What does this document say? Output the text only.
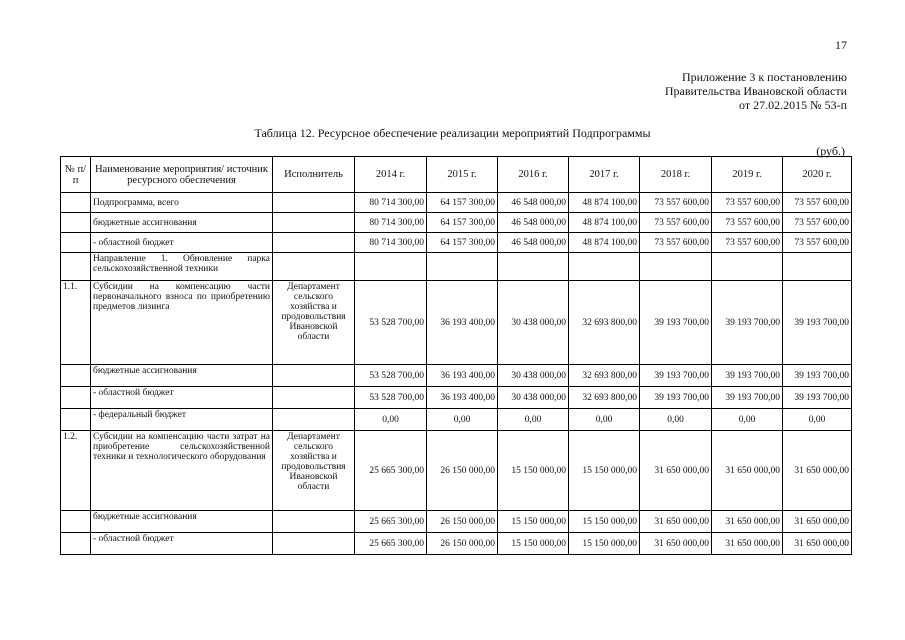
17
Приложение 3 к постановлению
Правительства Ивановской области
от 27.02.2015 № 53-п
Таблица 12. Ресурсное обеспечение реализации мероприятий Подпрограммы
(руб.)
№ п/п	Наименование мероприятия/ источник ресурсного обеспечения	Исполнитель	2014 г.	2015 г.	2016 г.	2017 г.	2018 г.	2019 г.	2020 г.
	Подпрограмма, всего		80 714 300,00	64 157 300,00	46 548 000,00	48 874 100,00	73 557 600,00	73 557 600,00	73 557 600,00
	бюджетные ассигнования		80 714 300,00	64 157 300,00	46 548 000,00	48 874 100,00	73 557 600,00	73 557 600,00	73 557 600,00
	- областной бюджет		80 714 300,00	64 157 300,00	46 548 000,00	48 874 100,00	73 557 600,00	73 557 600,00	73 557 600,00
	Направление 1. Обновление парка сельскохозяйственной техники								
1.1.	Субсидии на компенсацию части первоначального взноса по приобретению предметов лизинга	Департамент сельского хозяйства и продовольствия Ивановской области	53 528 700,00	36 193 400,00	30 438 000,00	32 693 800,00	39 193 700,00	39 193 700,00	39 193 700,00
	бюджетные ассигнования		53 528 700,00	36 193 400,00	30 438 000,00	32 693 800,00	39 193 700,00	39 193 700,00	39 193 700,00
	- областной бюджет		53 528 700,00	36 193 400,00	30 438 000,00	32 693 800,00	39 193 700,00	39 193 700,00	39 193 700,00
	- федеральный бюджет		0,00	0,00	0,00	0,00	0,00	0,00	0,00
1.2.	Субсидии на компенсацию части затрат на приобретение сельскохозяйственной техники и технологического оборудования	Департамент сельского хозяйства и продовольствия Ивановской области	25 665 300,00	26 150 000,00	15 150 000,00	15 150 000,00	31 650 000,00	31 650 000,00	31 650 000,00
	бюджетные ассигнования		25 665 300,00	26 150 000,00	15 150 000,00	15 150 000,00	31 650 000,00	31 650 000,00	31 650 000,00
	- областной бюджет		25 665 300,00	26 150 000,00	15 150 000,00	15 150 000,00	31 650 000,00	31 650 000,00	31 650 000,00
